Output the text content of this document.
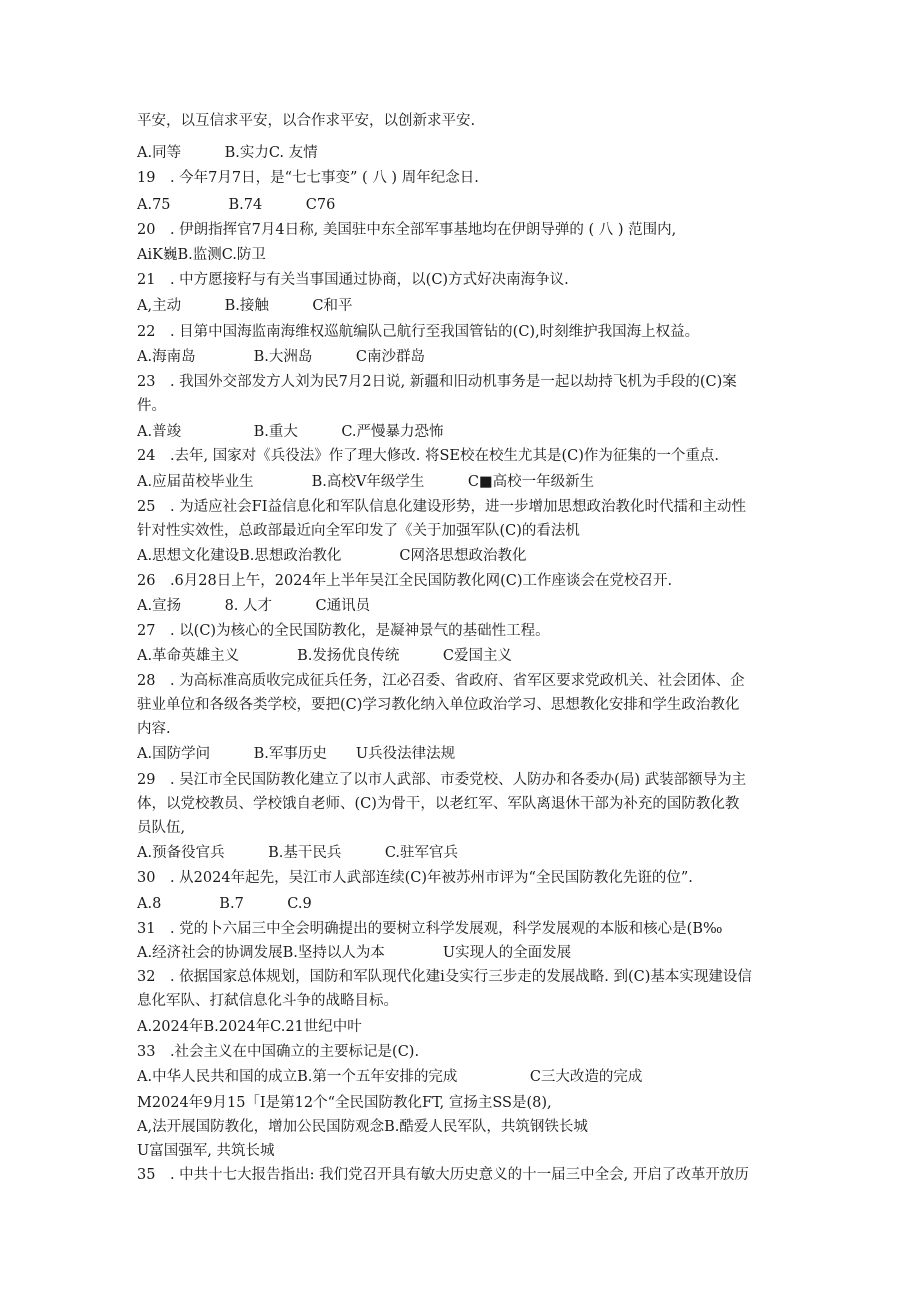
平安，以互信求平安，以合作求平安，以创新求平安.
A.同等　　　B.实力C. 友情
19　. 今年7月7日，是“七七事变” ( 八 ) 周年纪念日.
A.75　　　　B.74　　　C76
20　. 伊朗指挥官7月4日称, 美国驻中东全部军事基地均在伊朗导弹的 ( 八 ) 范围内,
AiK巍B.监测C.防卫
21　. 中方愿接籽与有关当事国通过协商，以(C)方式好决南海争议.
A,主动　　　B.接触　　　C和平
22　. 目第中国海监南海维权巡航编队己航行至我国管钻的(C),时刻维护我国海上权益。
A.海南岛　　　　B.大洲岛　　　C南沙群岛
23　. 我国外交部发方人刘为民7月2日说, 新疆和旧动机事务是一起以劫持飞机为手段的(C)案
件。
A.普竣　　　　　B.重大　　　C.严慢暴力恐怖
24　.去年, 国家对《兵役法》作了理大修改. 将SE校在校生尤其是(C)作为征集的一个重点.
A.应届苗校毕业生　　　　B.高校V年级学生　　　C■高校一年级新生
25　. 为适应社会FI益信息化和军队信息化建设形势，进一步增加思想政治教化时代擂和主动性
针对性实效性，总政部最近向全军印发了《关于加强军队(C)的看法机
A.思想文化建设B.思想政治教化　　　　C网洛思想政治教化
26　.6月28日上午，2024年上半年吴江全民国防教化网(C)工作座谈会在党校召开.
A.宣扬　　　8. 人才　　　C通讯员
27　. 以(C)为核心的全民国防教化，是凝神景气的基础性工程。
A.革命英雄主义　　　　B.发扬优良传统　　　C爱国主义
28　. 为高标准高质收完成征兵任务，江必召委、省政府、省军区要求党政机关、社会团体、企
驻业单位和各级各类学校，要把(C)学习教化纳入单位政治学习、思想教化安排和学生政治教化
内容.
A.国防学问　　　B.军事历史　　U兵役法律法规
29　. 吴江市全民国防教化建立了以市人武部、市委党校、人防办和各委办(局) 武装部额导为主
体，以党校教员、学校饿自老师、(C)为骨干，以老红军、军队离退休干部为补充的国防教化教
员队伍,
A.预备役官兵　　　B.基干民兵　　　C.驻军官兵
30　. 从2024年起先，吴江市人武部连续(C)年被苏州市评为“全民国防教化先诳的位”.
A.8　　　　B.7　　　C.9
31　. 党的卜六届三中全会明确提出的要树立科学发展观，科学发展观的本版和核心是(B‰
A.经济社会的协调发展B.坚持以人为本　　　　U实现人的全面发展
32　. 依据国家总体规划，国防和军队现代化建i殳实行三步走的发展战略. 到(C)基本实现建设信
息化军队、打弑信息化斗争的战略目标。
A.2024年B.2024年C.21世纪中叶
33　.社会主义在中国确立的主要标记是(C).
A.中华人民共和国的成立B.第一个五年安排的完成　　　　　C三大改造的完成
M2024年9月15「I是第12个“全民国防教化FT, 宣扬主SS是(8),
A,法开展国防教化，增加公民国防观念B.酷爱人民军队，共筑钢铁长城
U富国强军, 共筑长城
35　. 中共十七大报告指出: 我们党召开具有敏大历史意义的十一届三中全会, 开启了改革开放历
